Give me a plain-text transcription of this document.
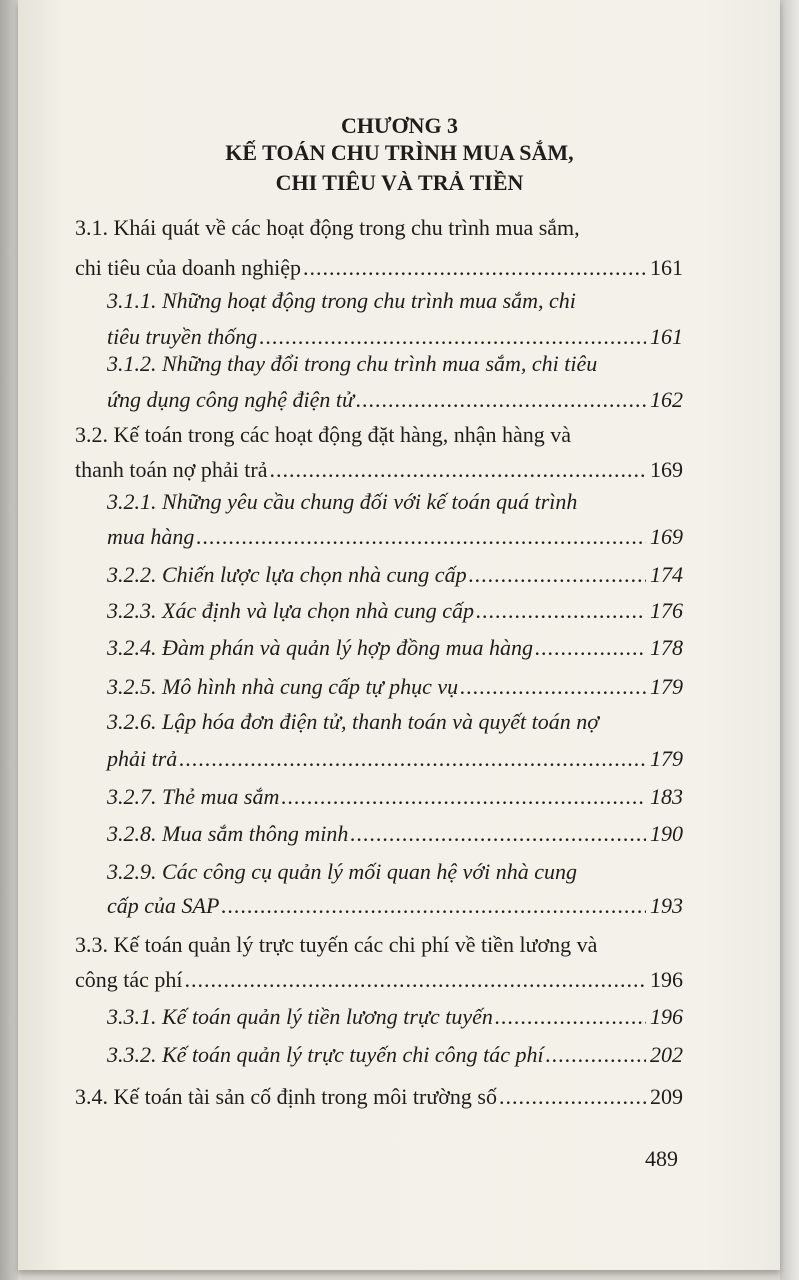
CHƯƠNG 3
KẾ TOÁN CHU TRÌNH MUA SẮM,
CHI TIÊU VÀ TRẢ TIỀN
3.1. Khái quát về các hoạt động trong chu trình mua sắm,
chi tiêu của doanh nghiệp .....	161
3.1.1. Những hoạt động trong chu trình mua sắm, chi
tiêu truyền thống .....	161
3.1.2. Những thay đổi trong chu trình mua sắm, chi tiêu
ứng dụng công nghệ điện tử .....	162
3.2. Kế toán trong các hoạt động đặt hàng, nhận hàng và
thanh toán nợ phải trả .....	169
3.2.1. Những yêu cầu chung đối với kế toán quá trình
mua hàng .....	169
3.2.2. Chiến lược lựa chọn nhà cung cấp .....	174
3.2.3. Xác định và lựa chọn nhà cung cấp .....	176
3.2.4. Đàm phán và quản lý hợp đồng mua hàng .....	178
3.2.5. Mô hình nhà cung cấp tự phục vụ .....	179
3.2.6. Lập hóa đơn điện tử, thanh toán và quyết toán nợ
phải trả .....	179
3.2.7. Thẻ mua sắm .....	183
3.2.8. Mua sắm thông minh .....	190
3.2.9. Các công cụ quản lý mối quan hệ với nhà cung
cấp của SAP .....	193
3.3. Kế toán quản lý trực tuyến các chi phí về tiền lương và
công tác phí .....	196
3.3.1. Kế toán quản lý tiền lương trực tuyến .....	196
3.3.2. Kế toán quản lý trực tuyến chi công tác phí .....	202
3.4. Kế toán tài sản cố định trong môi trường số .....	209
489
